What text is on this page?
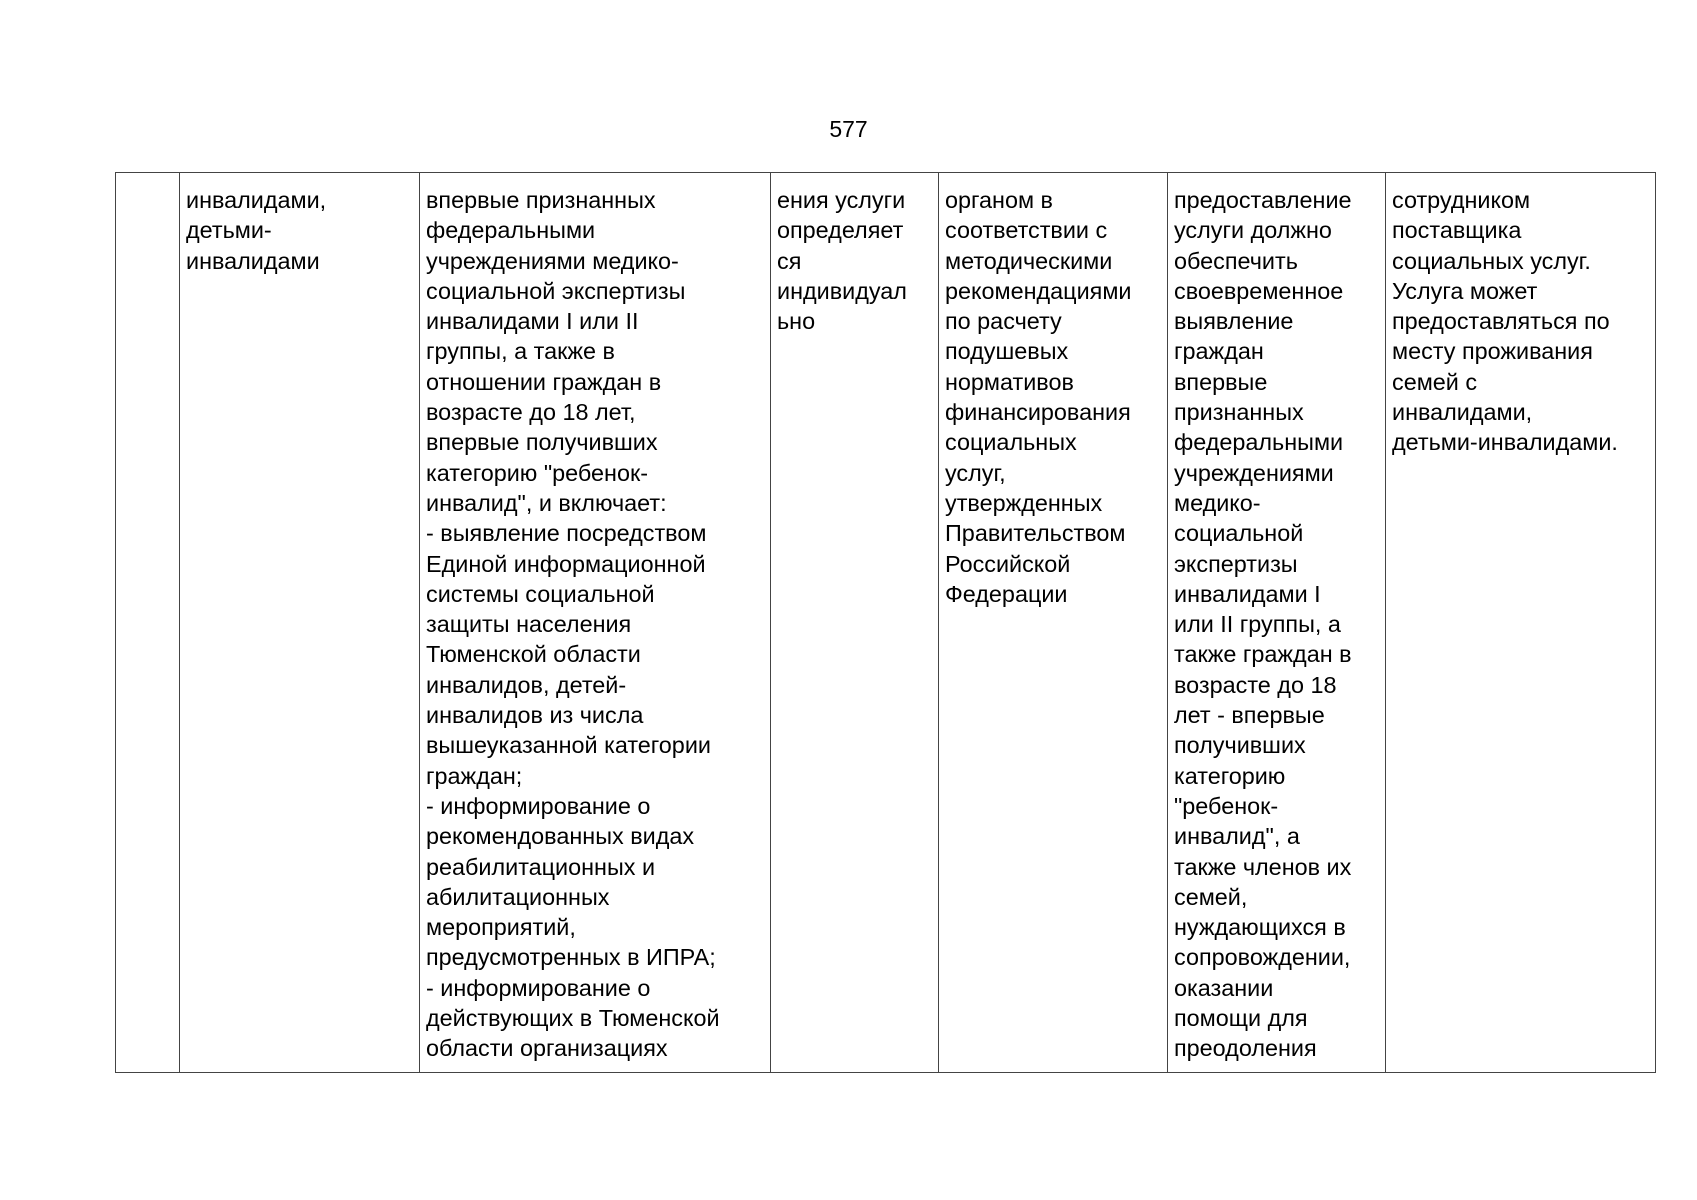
577
	инвалидами,
детьми-
инвалидами	впервые признанных
федеральными
учреждениями медико-
социальной экспертизы
инвалидами I или II
группы, а также в
отношении граждан в
возрасте до 18 лет,
впервые получивших
категорию "ребенок-
инвалид", и включает:
- выявление посредством
Единой информационной
системы социальной
защиты населения
Тюменской области
инвалидов, детей-
инвалидов из числа
вышеуказанной категории
граждан;
- информирование о
рекомендованных видах
реабилитационных и
абилитационных
мероприятий,
предусмотренных в ИПРА;
- информирование о
действующих в Тюменской
области организациях	ения услуги
определяет
ся
индивидуал
ьно	органом в
соответствии с
методическими
рекомендациями
по расчету
подушевых
нормативов
финансирования
социальных
услуг,
утвержденных
Правительством
Российской
Федерации	предоставление
услуги должно
обеспечить
своевременное
выявление
граждан
впервые
признанных
федеральными
учреждениями
медико-
социальной
экспертизы
инвалидами I
или II группы, а
также граждан в
возрасте до 18
лет - впервые
получивших
категорию
"ребенок-
инвалид", а
также членов их
семей,
нуждающихся в
сопровождении,
оказании
помощи для
преодоления	сотрудником
поставщика
социальных услуг.
Услуга может
предоставляться по
месту проживания
семей с
инвалидами,
детьми-инвалидами.
